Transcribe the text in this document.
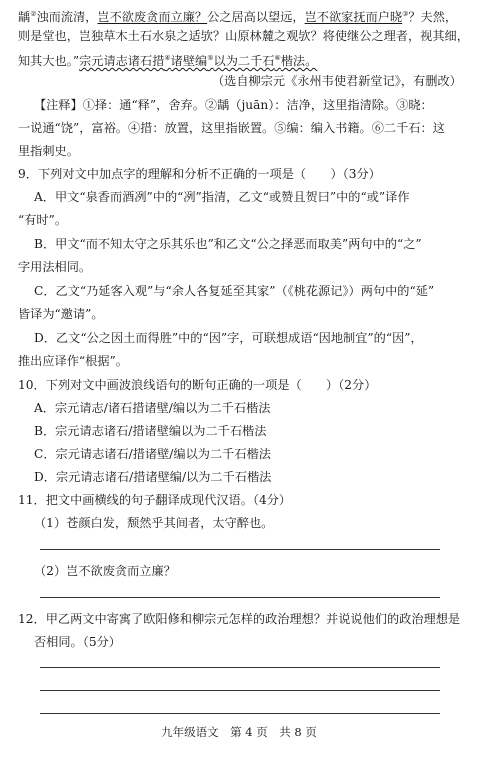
龋②浊而流清，岂不欲废贪而立廉？公之居高以望远，岂不欲家抚而户晓③？夫然，
则是堂也，岂独草木土石水泉之适欤？山原林麓之观欤？将使继公之理者，视其细，
知其大也。”宗元请志诸石措④诸壁编⑤以为二千石⑥楷法。
（选自柳宗元《永州韦使君新堂记》，有删改）
【注释】①择：通“释”，舍弃。②龋（juān）：洁净，这里指清除。③晓：
一说通“饶”，富裕。④措：放置，这里指嵌置。⑤编：编入书籍。⑥二千石：这
里指刺史。
9．下列对文中加点字的理解和分析不正确的一项是（　　）（3分）
A．甲文“泉香而酒冽”中的“冽”指清，乙文“或赞且贺曰”中的“或”译作
“有时”。
B．甲文“而不知太守之乐其乐也”和乙文“公之择恶而取美”两句中的“之”
字用法相同。
C．乙文“乃延客入观”与“余人各复延至其家”（《桃花源记》）两句中的“延”
皆译为“邀请”。
D．乙文“公之因土而得胜”中的“因”字，可联想成语“因地制宜”的“因”，
推出应译作“根据”。
10．下列对文中画波浪线语句的断句正确的一项是（　　）（2分）
A．宗元请志/诸石措诸壁/编以为二千石楷法
B．宗元请志诸石/措诸壁编以为二千石楷法
C．宗元请志诸石/措诸壁/编以为二千石楷法
D．宗元请志诸石/措诸壁编/以为二千石楷法
11．把文中画横线的句子翻译成现代汉语。（4分）
（1）苍颜白发，颓然乎其间者，太守醉也。
（2）岂不欲废贪而立廉？
12．甲乙两文中寄寓了欧阳修和柳宗元怎样的政治理想？并说说他们的政治理想是
否相同。（5分）
九年级语文　第 4 页　共 8 页
